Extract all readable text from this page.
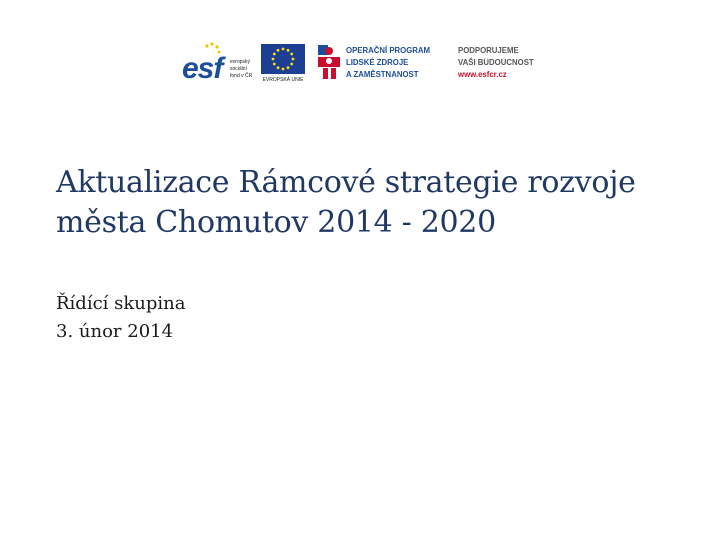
esf	evropský
sociální
fond v ČR
EVROPSKÁ UNIE
OPERAČNÍ PROGRAM
LIDSKÉ ZDROJE
A ZAMĚSTNANOST
PODPORUJEME
VAŠI BUDOUCNOST
www.esfcr.cz
Aktualizace Rámcové strategie rozvoje
města Chomutov 2014 - 2020
Řídící skupina
3. únor 2014
